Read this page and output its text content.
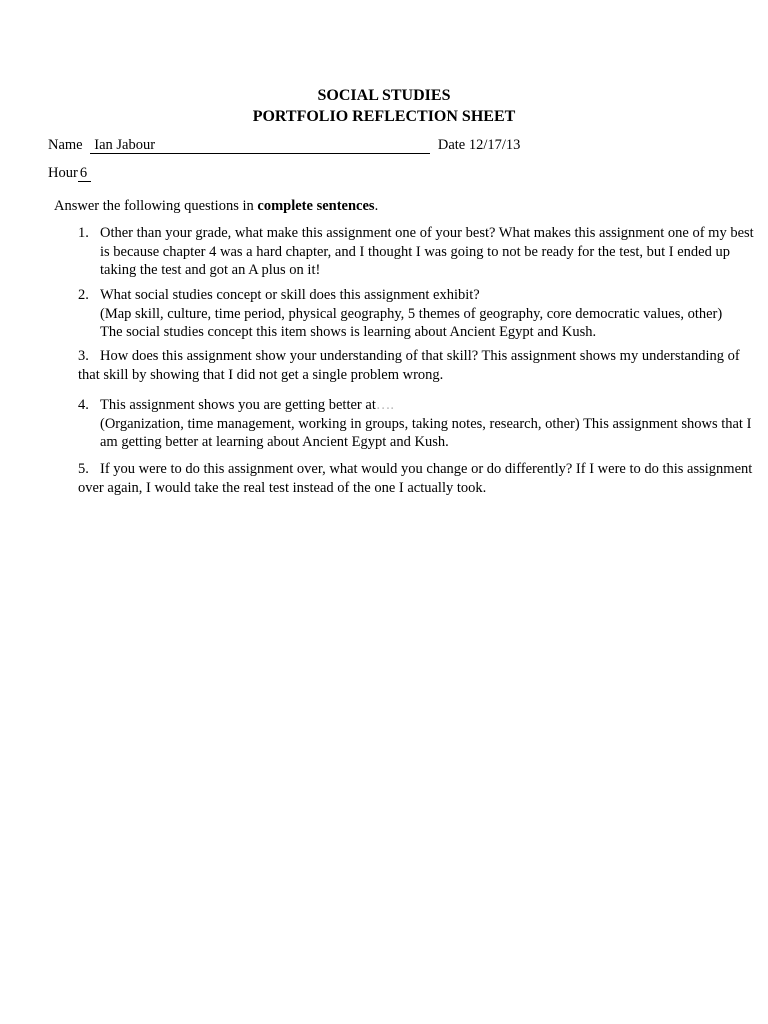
SOCIAL STUDIES
PORTFOLIO REFLECTION SHEET
Name Ian Jabour	Date 12/17/13
Hour 6
Answer the following questions in complete sentences.
1. Other than your grade, what make this assignment one of your best? What makes this assignment one of my best is because chapter 4 was a hard chapter, and I thought I was going to not be ready for the test, but I ended up taking the test and got an A plus on it!
2. What social studies concept or skill does this assignment exhibit?
(Map skill, culture, time period, physical geography, 5 themes of geography, core democratic values, other)
The social studies concept this item shows is learning about Ancient Egypt and Kush.
3. How does this assignment show your understanding of that skill? This assignment shows my understanding of that skill by showing that I did not get a single problem wrong.
4. This assignment shows you are getting better at….
(Organization, time management, working in groups, taking notes, research, other) This assignment shows that I am getting better at learning about Ancient Egypt and Kush.
5. If you were to do this assignment over, what would you change or do differently? If I were to do this assignment over again, I would take the real test instead of the one I actually took.
